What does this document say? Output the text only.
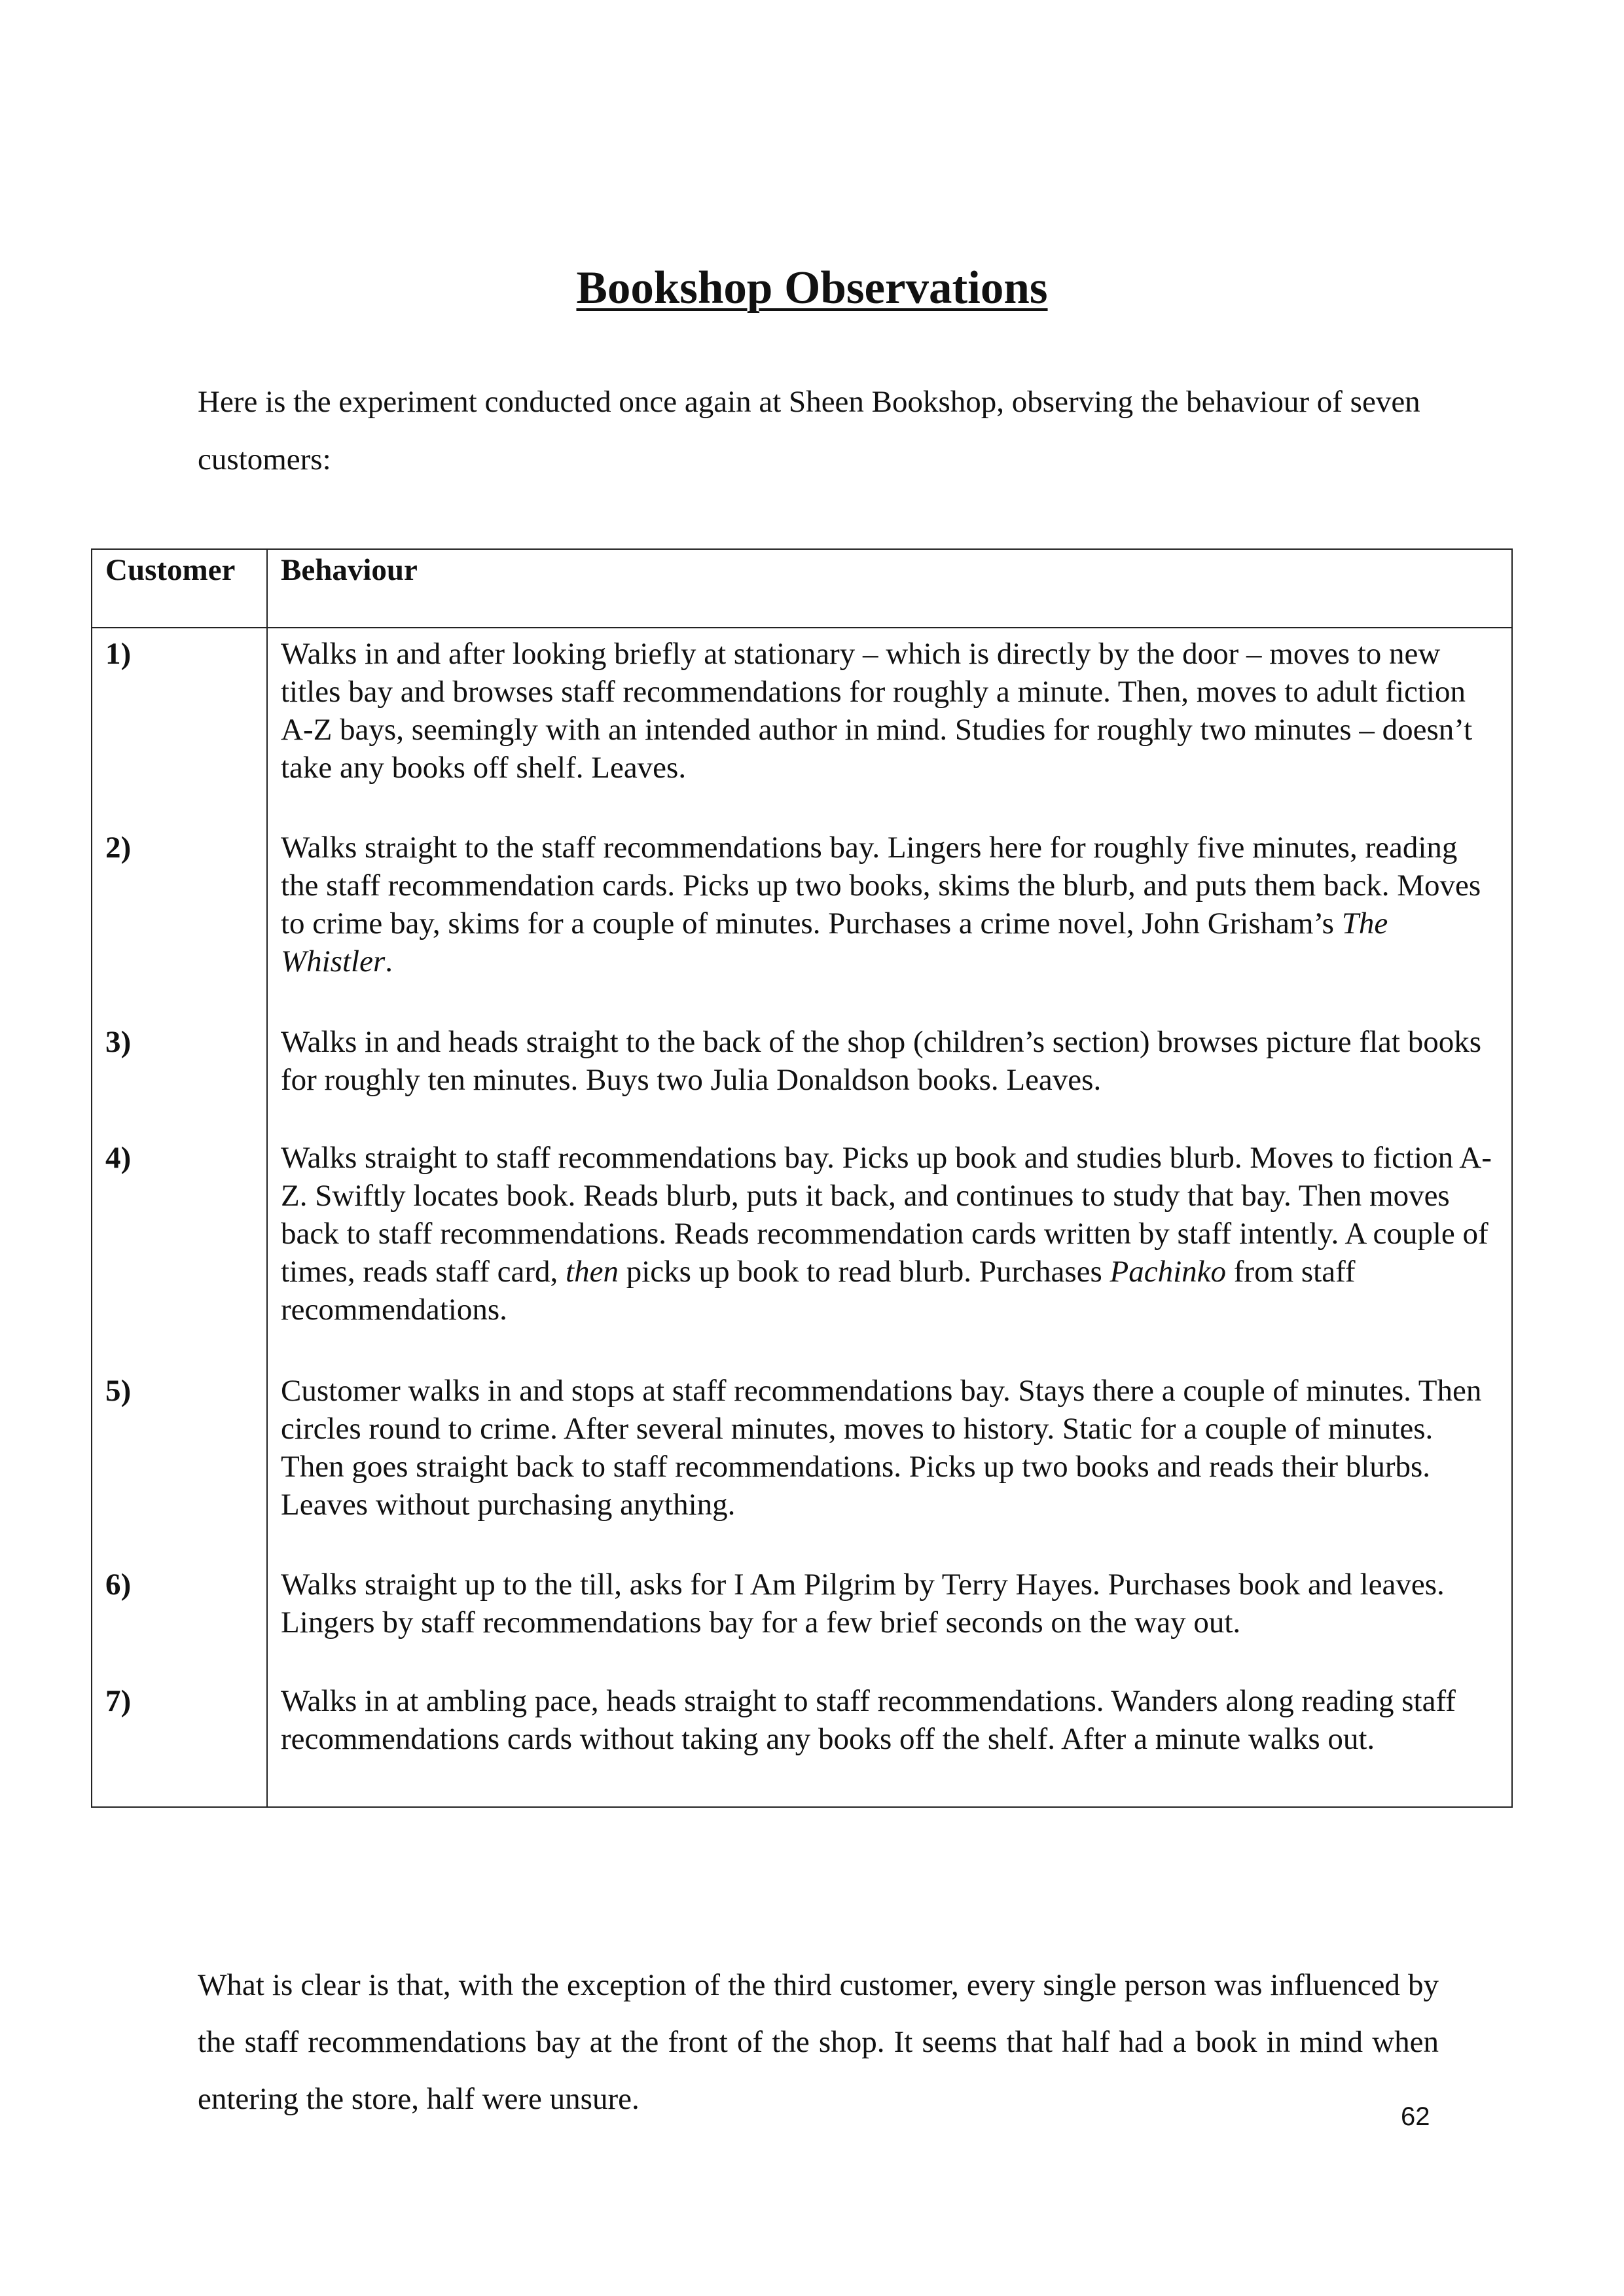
Bookshop Observations

Here is the experiment conducted once again at Sheen Bookshop, observing the behaviour of seven customers:

Customer	Behaviour
1)	Walks in and after looking briefly at stationary – which is directly by the door – moves to new titles bay and browses staff recommendations for roughly a minute. Then, moves to adult fiction A-Z bays, seemingly with an intended author in mind. Studies for roughly two minutes – doesn’t take any books off shelf. Leaves.
2)	Walks straight to the staff recommendations bay. Lingers here for roughly five minutes, reading the staff recommendation cards. Picks up two books, skims the blurb, and puts them back. Moves to crime bay, skims for a couple of minutes. Purchases a crime novel, John Grisham’s The Whistler.
3)	Walks in and heads straight to the back of the shop (children’s section) browses picture flat books for roughly ten minutes. Buys two Julia Donaldson books. Leaves.
4)	Walks straight to staff recommendations bay. Picks up book and studies blurb. Moves to fiction A-Z. Swiftly locates book. Reads blurb, puts it back, and continues to study that bay. Then moves back to staff recommendations. Reads recommendation cards written by staff intently. A couple of times, reads staff card, then picks up book to read blurb. Purchases Pachinko from staff recommendations.
5)	Customer walks in and stops at staff recommendations bay. Stays there a couple of minutes. Then circles round to crime. After several minutes, moves to history. Static for a couple of minutes. Then goes straight back to staff recommendations. Picks up two books and reads their blurbs. Leaves without purchasing anything.
6)	Walks straight up to the till, asks for I Am Pilgrim by Terry Hayes. Purchases book and leaves. Lingers by staff recommendations bay for a few brief seconds on the way out.
7)	Walks in at ambling pace, heads straight to staff recommendations. Wanders along reading staff recommendations cards without taking any books off the shelf. After a minute walks out.

What is clear is that, with the exception of the third customer, every single person was influenced by the staff recommendations bay at the front of the shop. It seems that half had a book in mind when entering the store, half were unsure.

62
